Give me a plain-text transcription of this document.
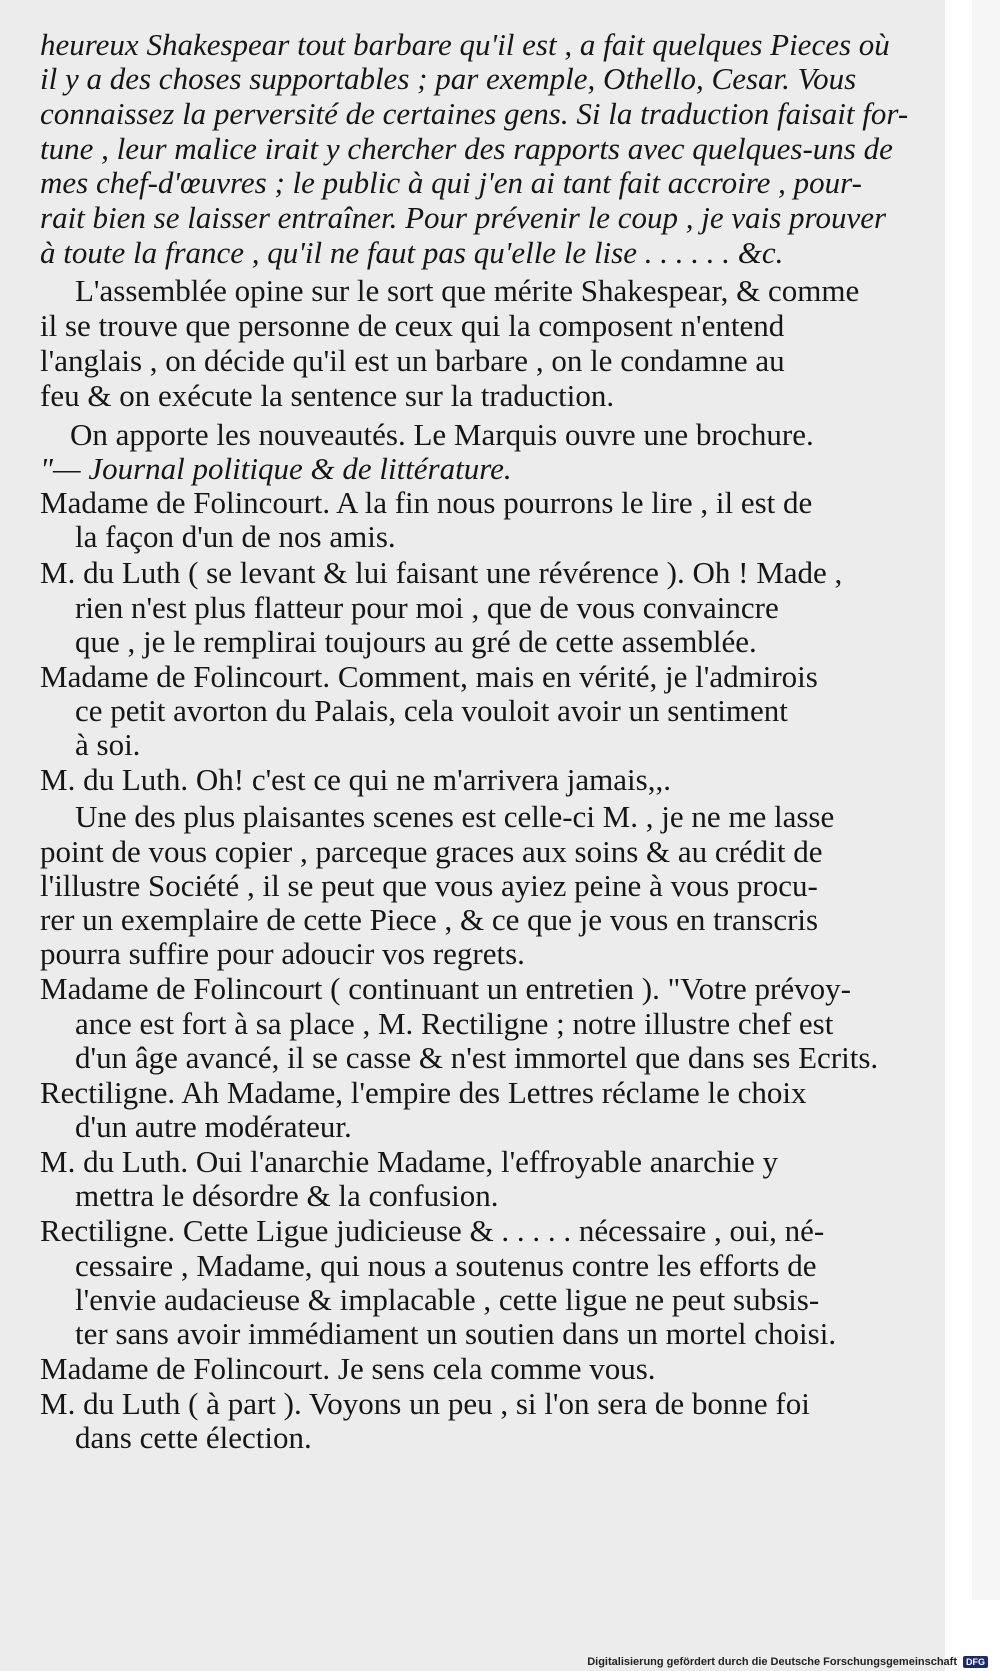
heureux Shakespear tout barbare qu'il est , a fait quelques Pieces où
il y a des choses supportables ; par exemple, Othello, Cesar. Vous
connaissez la perversité de certaines gens. Si la traduction faisait for-
tune , leur malice irait y chercher des rapports avec quelques-uns de
mes chef-d'œuvres ; le public à qui j'en ai tant fait accroire , pour-
rait bien se laisser entraîner. Pour prévenir le coup , je vais prouver
à toute la france , qu'il ne faut pas qu'elle le lise . . . . . . &c.
L'assemblée opine sur le sort que mérite Shakespear, & comme
il se trouve que personne de ceux qui la composent n'entend
l'anglais , on décide qu'il est un barbare , on le condamne au
feu & on exécute la sentence sur la traduction.
On apporte les nouveautés. Le Marquis ouvre une brochure.
"— Journal politique & de littérature.
Madame de Folincourt. A la fin nous pourrons le lire , il est de
la façon d'un de nos amis.
M. du Luth ( se levant & lui faisant une révérence ). Oh ! Made ,
rien n'est plus flatteur pour moi , que de vous convaincre
que , je le remplirai toujours au gré de cette assemblée.
Madame de Folincourt. Comment, mais en vérité, je l'admirois
ce petit avorton du Palais, cela vouloit avoir un sentiment
à soi.
M. du Luth. Oh! c'est ce qui ne m'arrivera jamais,,.
Une des plus plaisantes scenes est celle-ci M. , je ne me lasse
point de vous copier , parceque graces aux soins & au crédit de
l'illustre Société , il se peut que vous ayiez peine à vous procu-
rer un exemplaire de cette Piece , & ce que je vous en transcris
pourra suffire pour adoucir vos regrets.
Madame de Folincourt ( continuant un entretien ). "Votre prévoy-
ance est fort à sa place , M. Rectiligne ; notre illustre chef est
d'un âge avancé, il se casse & n'est immortel que dans ses Ecrits.
Rectiligne. Ah Madame, l'empire des Lettres réclame le choix
d'un autre modérateur.
M. du Luth. Oui l'anarchie Madame, l'effroyable anarchie y
mettra le désordre & la confusion.
Rectiligne. Cette Ligue judicieuse & . . . . . nécessaire , oui, né-
cessaire , Madame, qui nous a soutenus contre les efforts de
l'envie audacieuse & implacable , cette ligue ne peut subsis-
ter sans avoir immédiament un soutien dans un mortel choisi.
Madame de Folincourt. Je sens cela comme vous.
M. du Luth ( à part ). Voyons un peu , si l'on sera de bonne foi
dans cette élection.
Digitalisierung gefördert durch die Deutsche Forschungsgemeinschaft	DFG
